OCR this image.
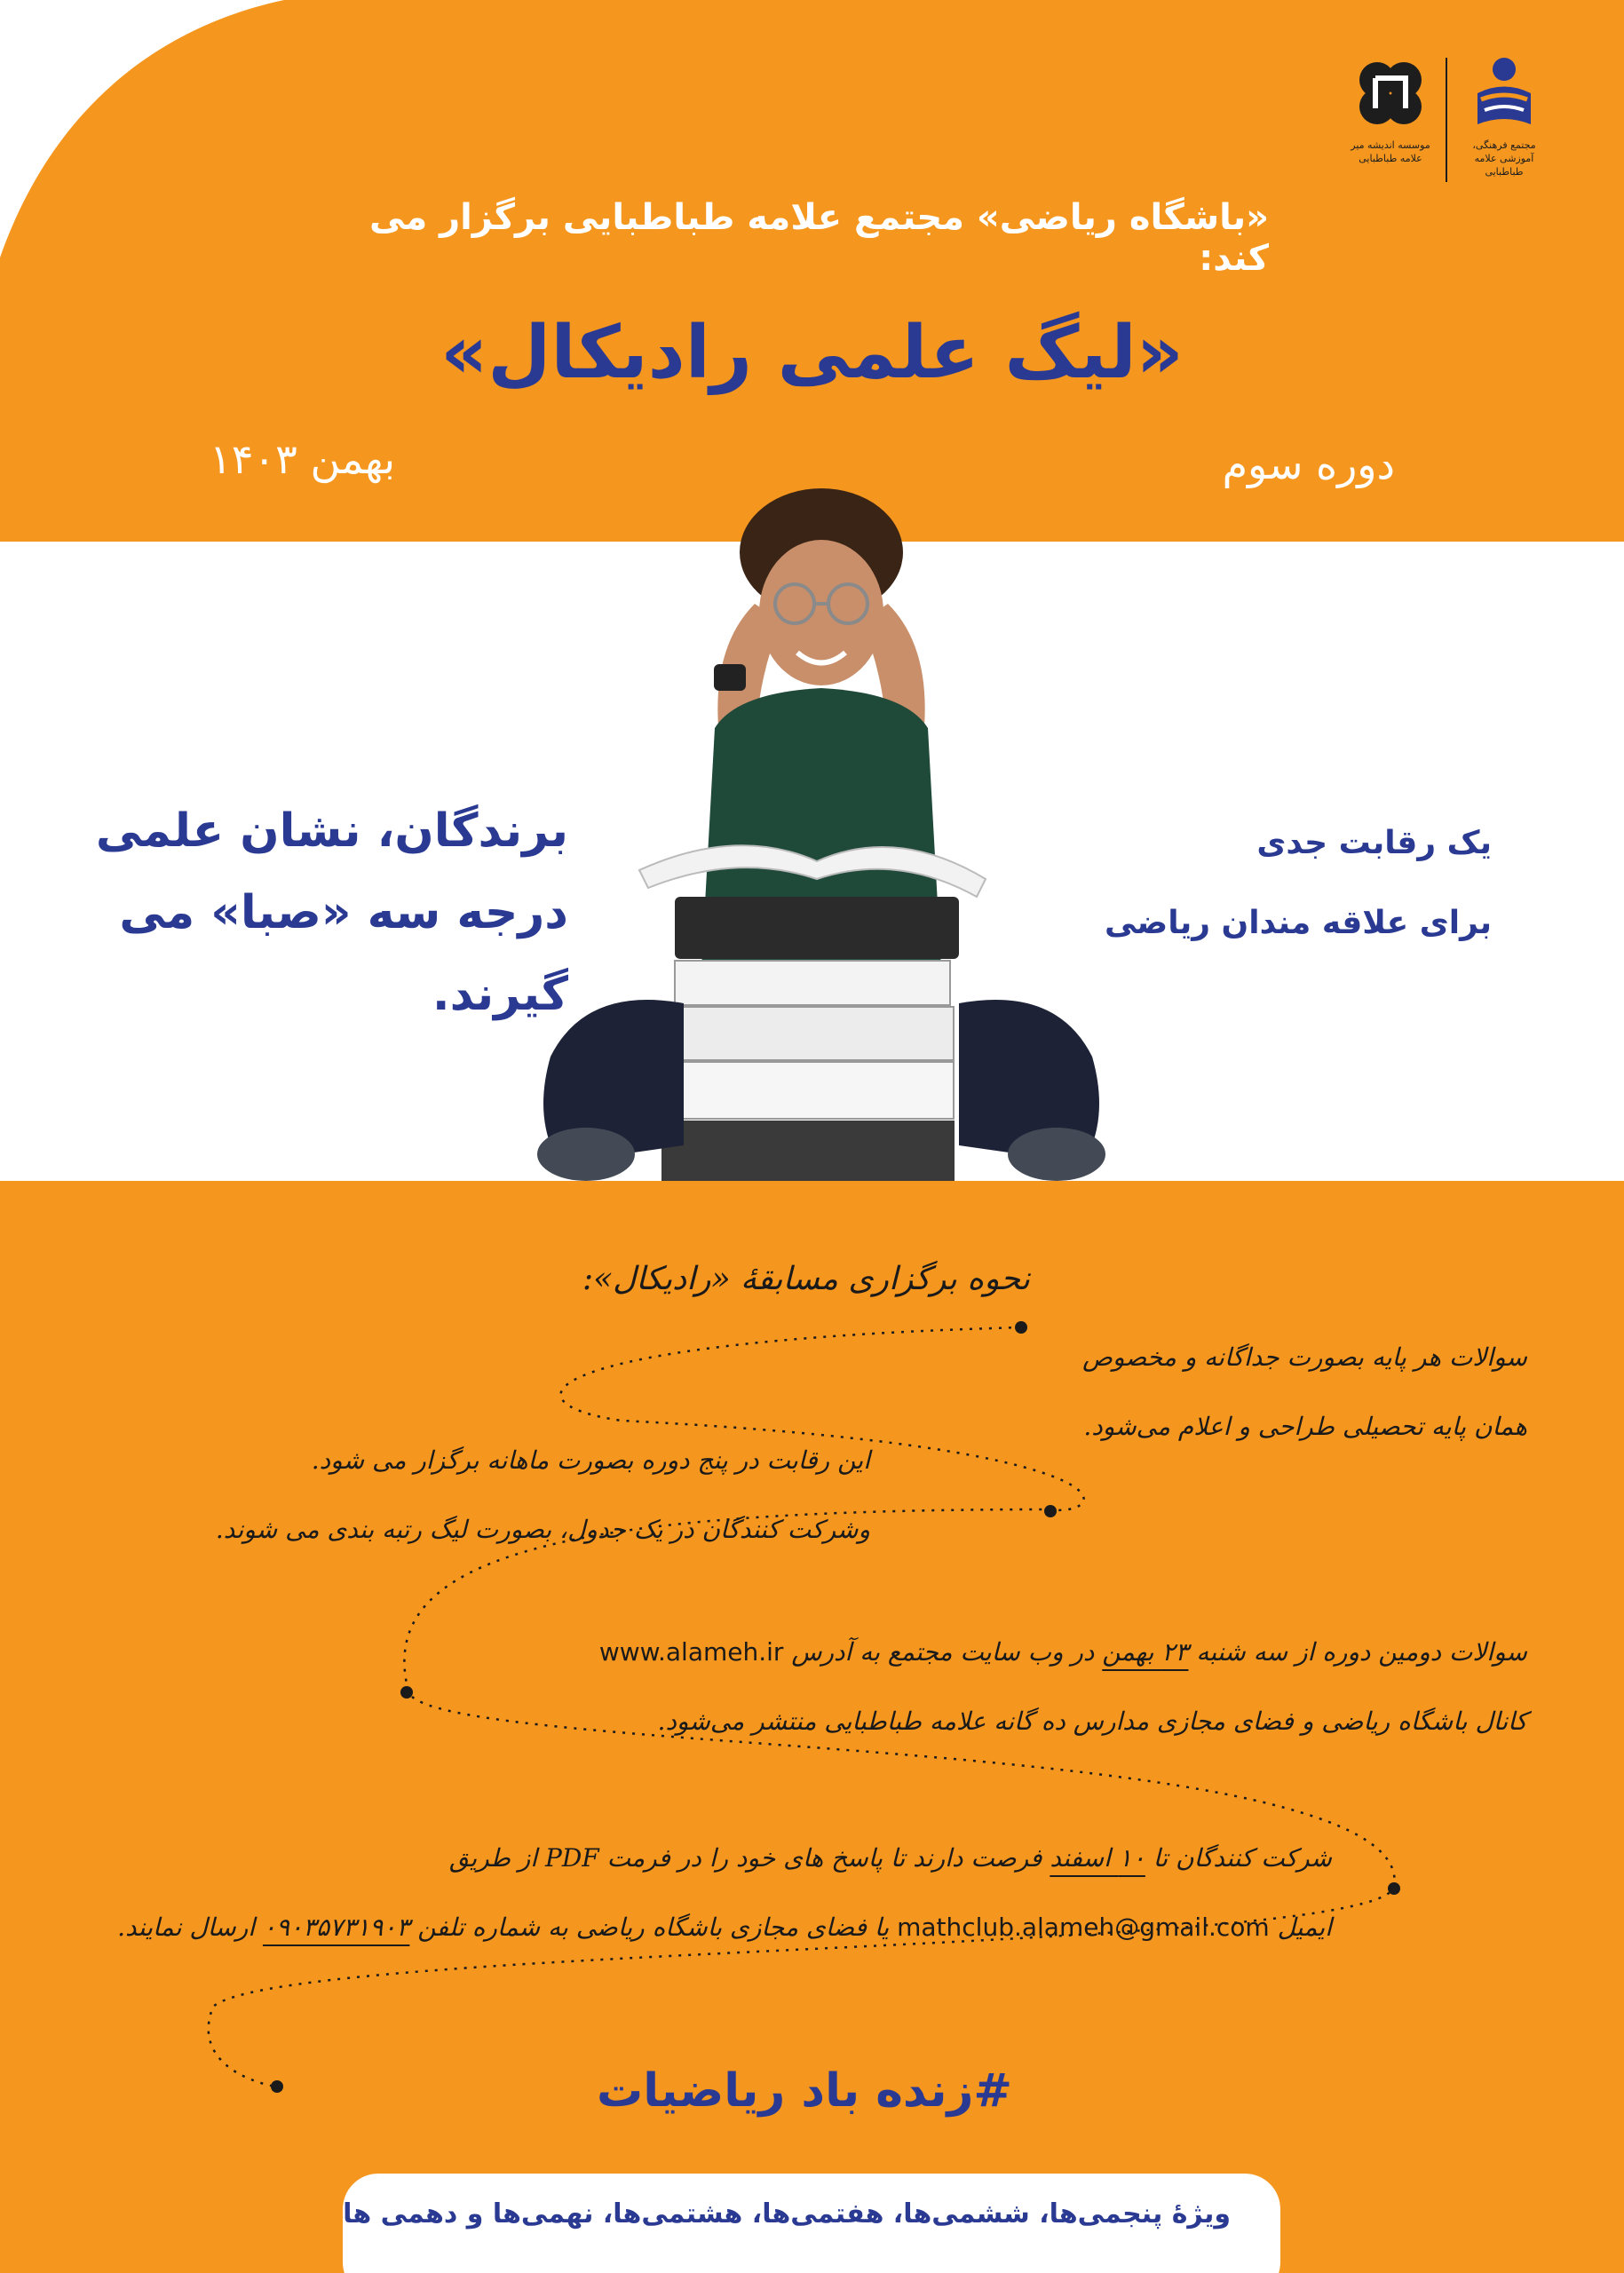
مجتمع فرهنگی، آموزشی علامه طباطبایی
موسسه اندیشه میر علامه طباطبایی
«باشگاه ریاضی» مجتمع علامه طباطبایی برگزار می کند:
«لیگ علمی رادیکال»
دوره سوم
بهمن ۱۴۰۳
برندگان، نشان علمی
درجه سه «صبا» می گیرند.
یک رقابت جدی
برای علاقه مندان ریاضی
نحوه برگزاری مسابقۀ «رادیکال»:
سوالات هر پایه بصورت جداگانه و مخصوص
همان پایه تحصیلی طراحی و اعلام می‌شود.
این رقابت در پنج دوره بصورت ماهانه برگزار می شود.
وشرکت کنندگان در یک جدول، بصورت لیگ رتبه بندی می شوند.
سوالات دومین دوره از سه شنبه ۲۳ بهمن در وب سایت مجتمع به آدرس www.alameh.ir
کانال باشگاه ریاضی و فضای مجازی مدارس ده گانه علامه طباطبایی منتشر می‌شود.
شرکت کنندگان تا ۱۰ اسفند فرصت دارند تا پاسخ های خود را در فرمت PDF از طریق
ایمیل mathclub.alameh@gmail.com یا فضای مجازی باشگاه ریاضی به شماره تلفن ۰۹۰۳۵۷۳۱۹۰۳ ارسال نمایند.
#زنده باد ریاضیات
ویژۀ پنجمی‌ها، ششمی‌ها، هفتمی‌ها، هشتمی‌ها، نهمی‌ها و دهمی ها
